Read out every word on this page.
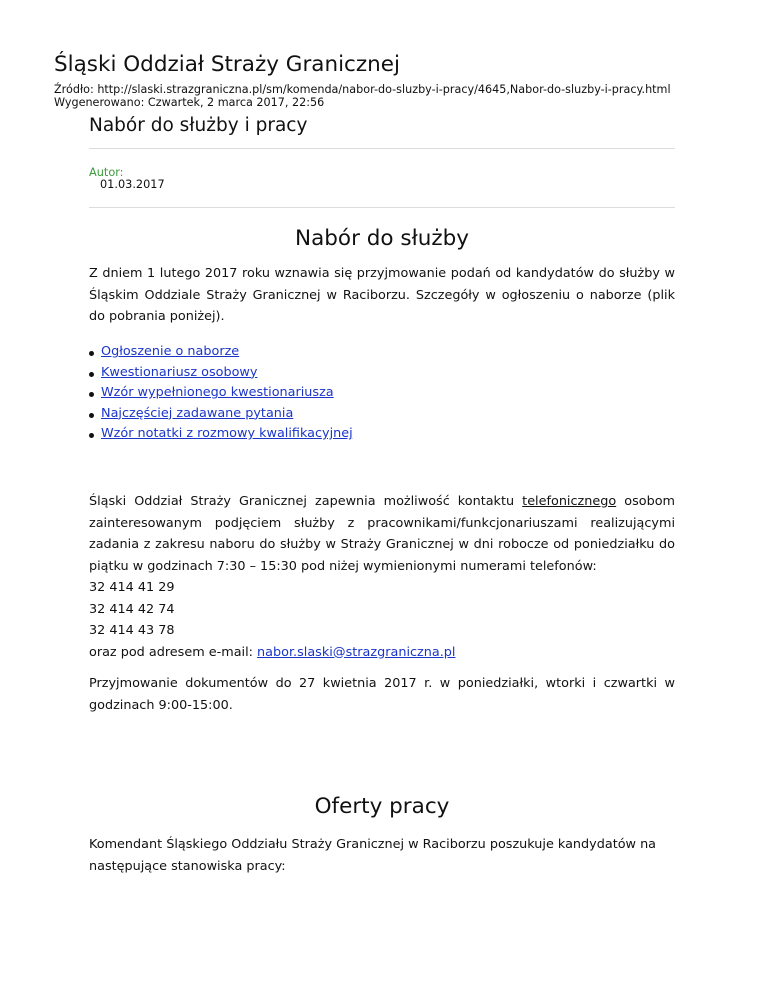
Śląski Oddział Straży Granicznej
Źródło: http://slaski.strazgraniczna.pl/sm/komenda/nabor-do-sluzby-i-pracy/4645,Nabor-do-sluzby-i-pracy.html
Wygenerowano: Czwartek, 2 marca 2017, 22:56
Nabór do służby i pracy
Autor:
01.03.2017
Nabór do służby

Z dniem 1 lutego 2017 roku wznawia się przyjmowanie podań od kandydatów do służby w Śląskim Oddziale Straży Granicznej w Raciborzu. Szczegóły w ogłoszeniu o naborze (plik do pobrania poniżej).

Ogłoszenie o naborze
Kwestionariusz osobowy
Wzór wypełnionego kwestionariusza
Najczęściej zadawane pytania
Wzór notatki z rozmowy kwalifikacyjnej
Śląski Oddział Straży Granicznej zapewnia możliwość kontaktu telefonicznego osobom zainteresowanym podjęciem służby z pracownikami/funkcjonariuszami realizującymi zadania z zakresu naboru do służby w Straży Granicznej w dni robocze od poniedziałku do piątku w godzinach 7:30 – 15:30 pod niżej wymienionymi numerami telefonów:
32 414 41 29
32 414 42 74
32 414 43 78
oraz pod adresem e-mail: nabor.slaski@strazgraniczna.pl

Przyjmowanie dokumentów do 27 kwietnia 2017 r. w poniedziałki, wtorki i czwartki w godzinach 9:00-15:00.

Oferty pracy

Komendant Śląskiego Oddziału Straży Granicznej w Raciborzu poszukuje kandydatów na następujące stanowiska pracy:
